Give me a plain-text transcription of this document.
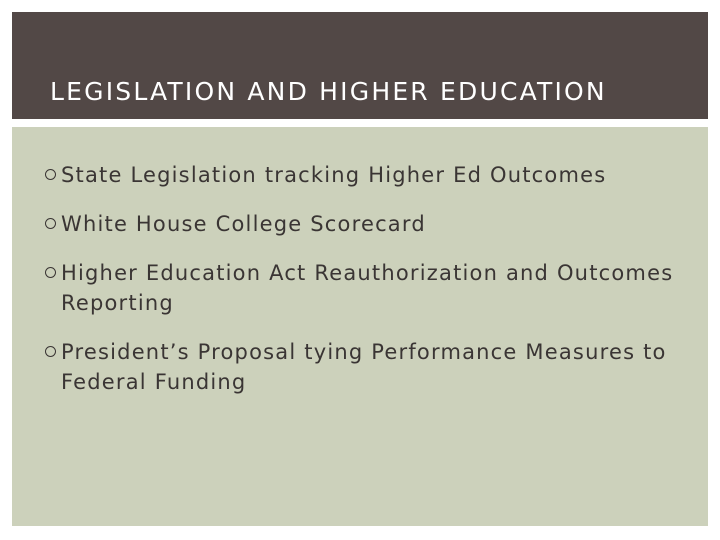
LEGISLATION AND HIGHER EDUCATION
State Legislation tracking Higher Ed Outcomes
White House College Scorecard
Higher Education Act Reauthorization and Outcomes Reporting
President’s Proposal tying Performance Measures to Federal Funding
